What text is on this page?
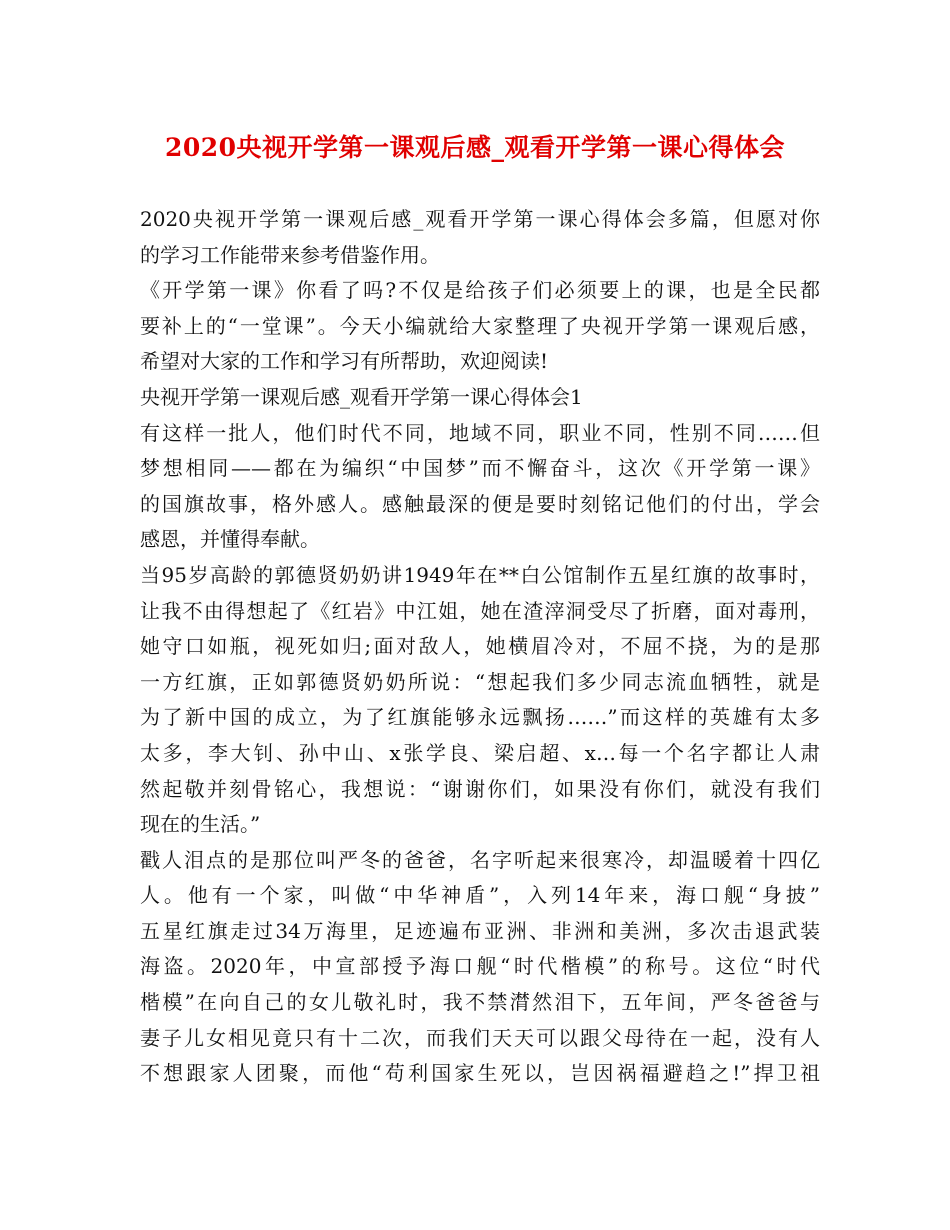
2020央视开学第一课观后感_观看开学第一课心得体会
2020央视开学第一课观后感_观看开学第一课心得体会多篇，但愿对你
的学习工作能带来参考借鉴作用。
《开学第一课》你看了吗?不仅是给孩子们必须要上的课，也是全民都
要补上的“一堂课”。今天小编就给大家整理了央视开学第一课观后感，
希望对大家的工作和学习有所帮助，欢迎阅读!
央视开学第一课观后感_观看开学第一课心得体会1
有这样一批人，他们时代不同，地域不同，职业不同，性别不同……但
梦想相同——都在为编织“中国梦”而不懈奋斗，这次《开学第一课》
的国旗故事，格外感人。感触最深的便是要时刻铭记他们的付出，学会
感恩，并懂得奉献。
当95岁高龄的郭德贤奶奶讲1949年在**白公馆制作五星红旗的故事时，
让我不由得想起了《红岩》中江姐，她在渣滓洞受尽了折磨，面对毒刑，
她守口如瓶，视死如归;面对敌人，她横眉冷对，不屈不挠，为的是那
一方红旗，正如郭德贤奶奶所说：“想起我们多少同志流血牺牲，就是
为了新中国的成立，为了红旗能够永远飘扬……”而这样的英雄有太多
太多，李大钊、孙中山、x张学良、梁启超、x…每一个名字都让人肃
然起敬并刻骨铭心，我想说：“谢谢你们，如果没有你们，就没有我们
现在的生活。”
戳人泪点的是那位叫严冬的爸爸，名字听起来很寒冷，却温暖着十四亿
人。他有一个家，叫做“中华神盾”，入列14年来，海口舰“身披”
五星红旗走过34万海里，足迹遍布亚洲、非洲和美洲，多次击退武装
海盗。2020年，中宣部授予海口舰“时代楷模”的称号。这位“时代
楷模”在向自己的女儿敬礼时，我不禁潸然泪下，五年间，严冬爸爸与
妻子儿女相见竟只有十二次，而我们天天可以跟父母待在一起，没有人
不想跟家人团聚，而他“苟利国家生死以，岂因祸福避趋之!”捍卫祖
